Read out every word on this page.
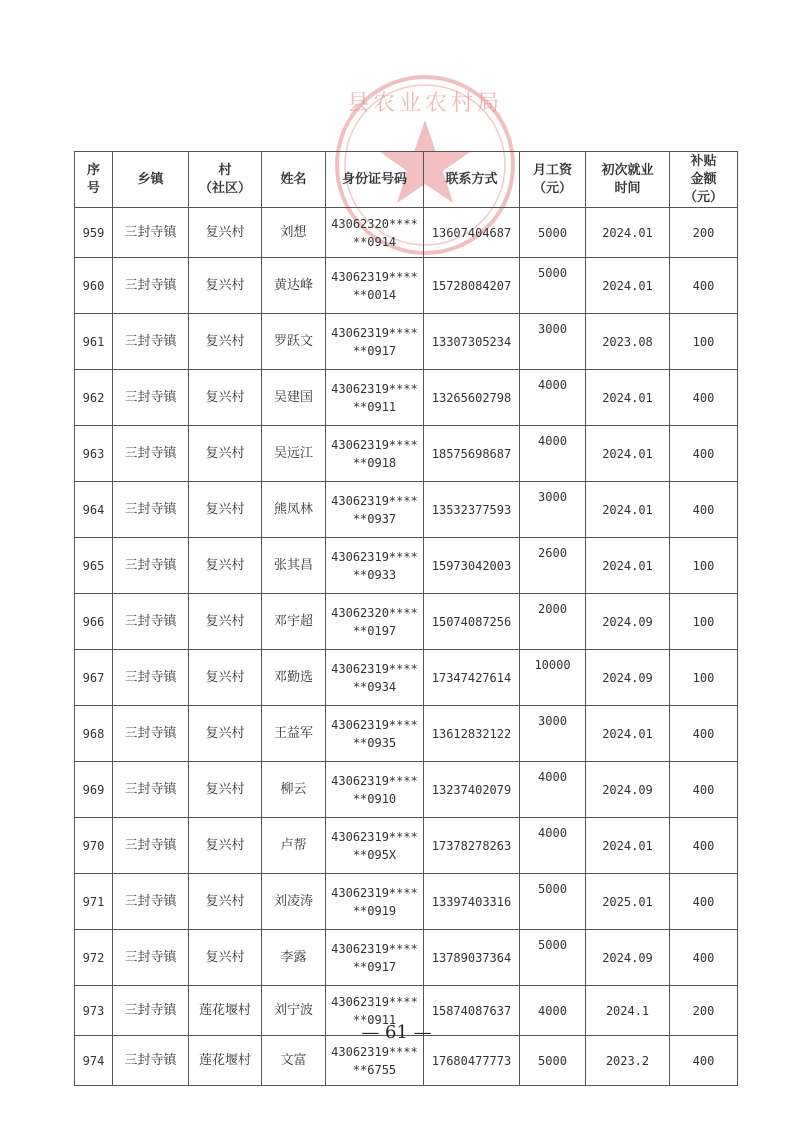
县农业农村局
序
号	乡镇	村
（社区）	姓名	身份证号码	联系方式	月工资
（元）	初次就业
时间	补贴
金额
（元）
959	三封寺镇	复兴村	刘想	43062320****
**0914	13607404687	5000	2024.01	200
960	三封寺镇	复兴村	黄达峰	43062319****
**0014	15728084207	5000	2024.01	400
961	三封寺镇	复兴村	罗跃文	43062319****
**0917	13307305234	3000	2023.08	100
962	三封寺镇	复兴村	吴建国	43062319****
**0911	13265602798	4000	2024.01	400
963	三封寺镇	复兴村	吴远江	43062319****
**0918	18575698687	4000	2024.01	400
964	三封寺镇	复兴村	熊凤林	43062319****
**0937	13532377593	3000	2024.01	400
965	三封寺镇	复兴村	张其昌	43062319****
**0933	15973042003	2600	2024.01	100
966	三封寺镇	复兴村	邓宇超	43062320****
**0197	15074087256	2000	2024.09	100
967	三封寺镇	复兴村	邓勤选	43062319****
**0934	17347427614	10000	2024.09	100
968	三封寺镇	复兴村	王益军	43062319****
**0935	13612832122	3000	2024.01	400
969	三封寺镇	复兴村	柳云	43062319****
**0910	13237402079	4000	2024.09	400
970	三封寺镇	复兴村	卢帮	43062319****
**095X	17378278263	4000	2024.01	400
971	三封寺镇	复兴村	刘凌涛	43062319****
**0919	13397403316	5000	2025.01	400
972	三封寺镇	复兴村	李露	43062319****
**0917	13789037364	5000	2024.09	400
973	三封寺镇	莲花堰村	刘宁波	43062319****
**0911	15874087637	4000	2024.1	200
974	三封寺镇	莲花堰村	文富	43062319****
**6755	17680477773	5000	2023.2	400
— 61 —
